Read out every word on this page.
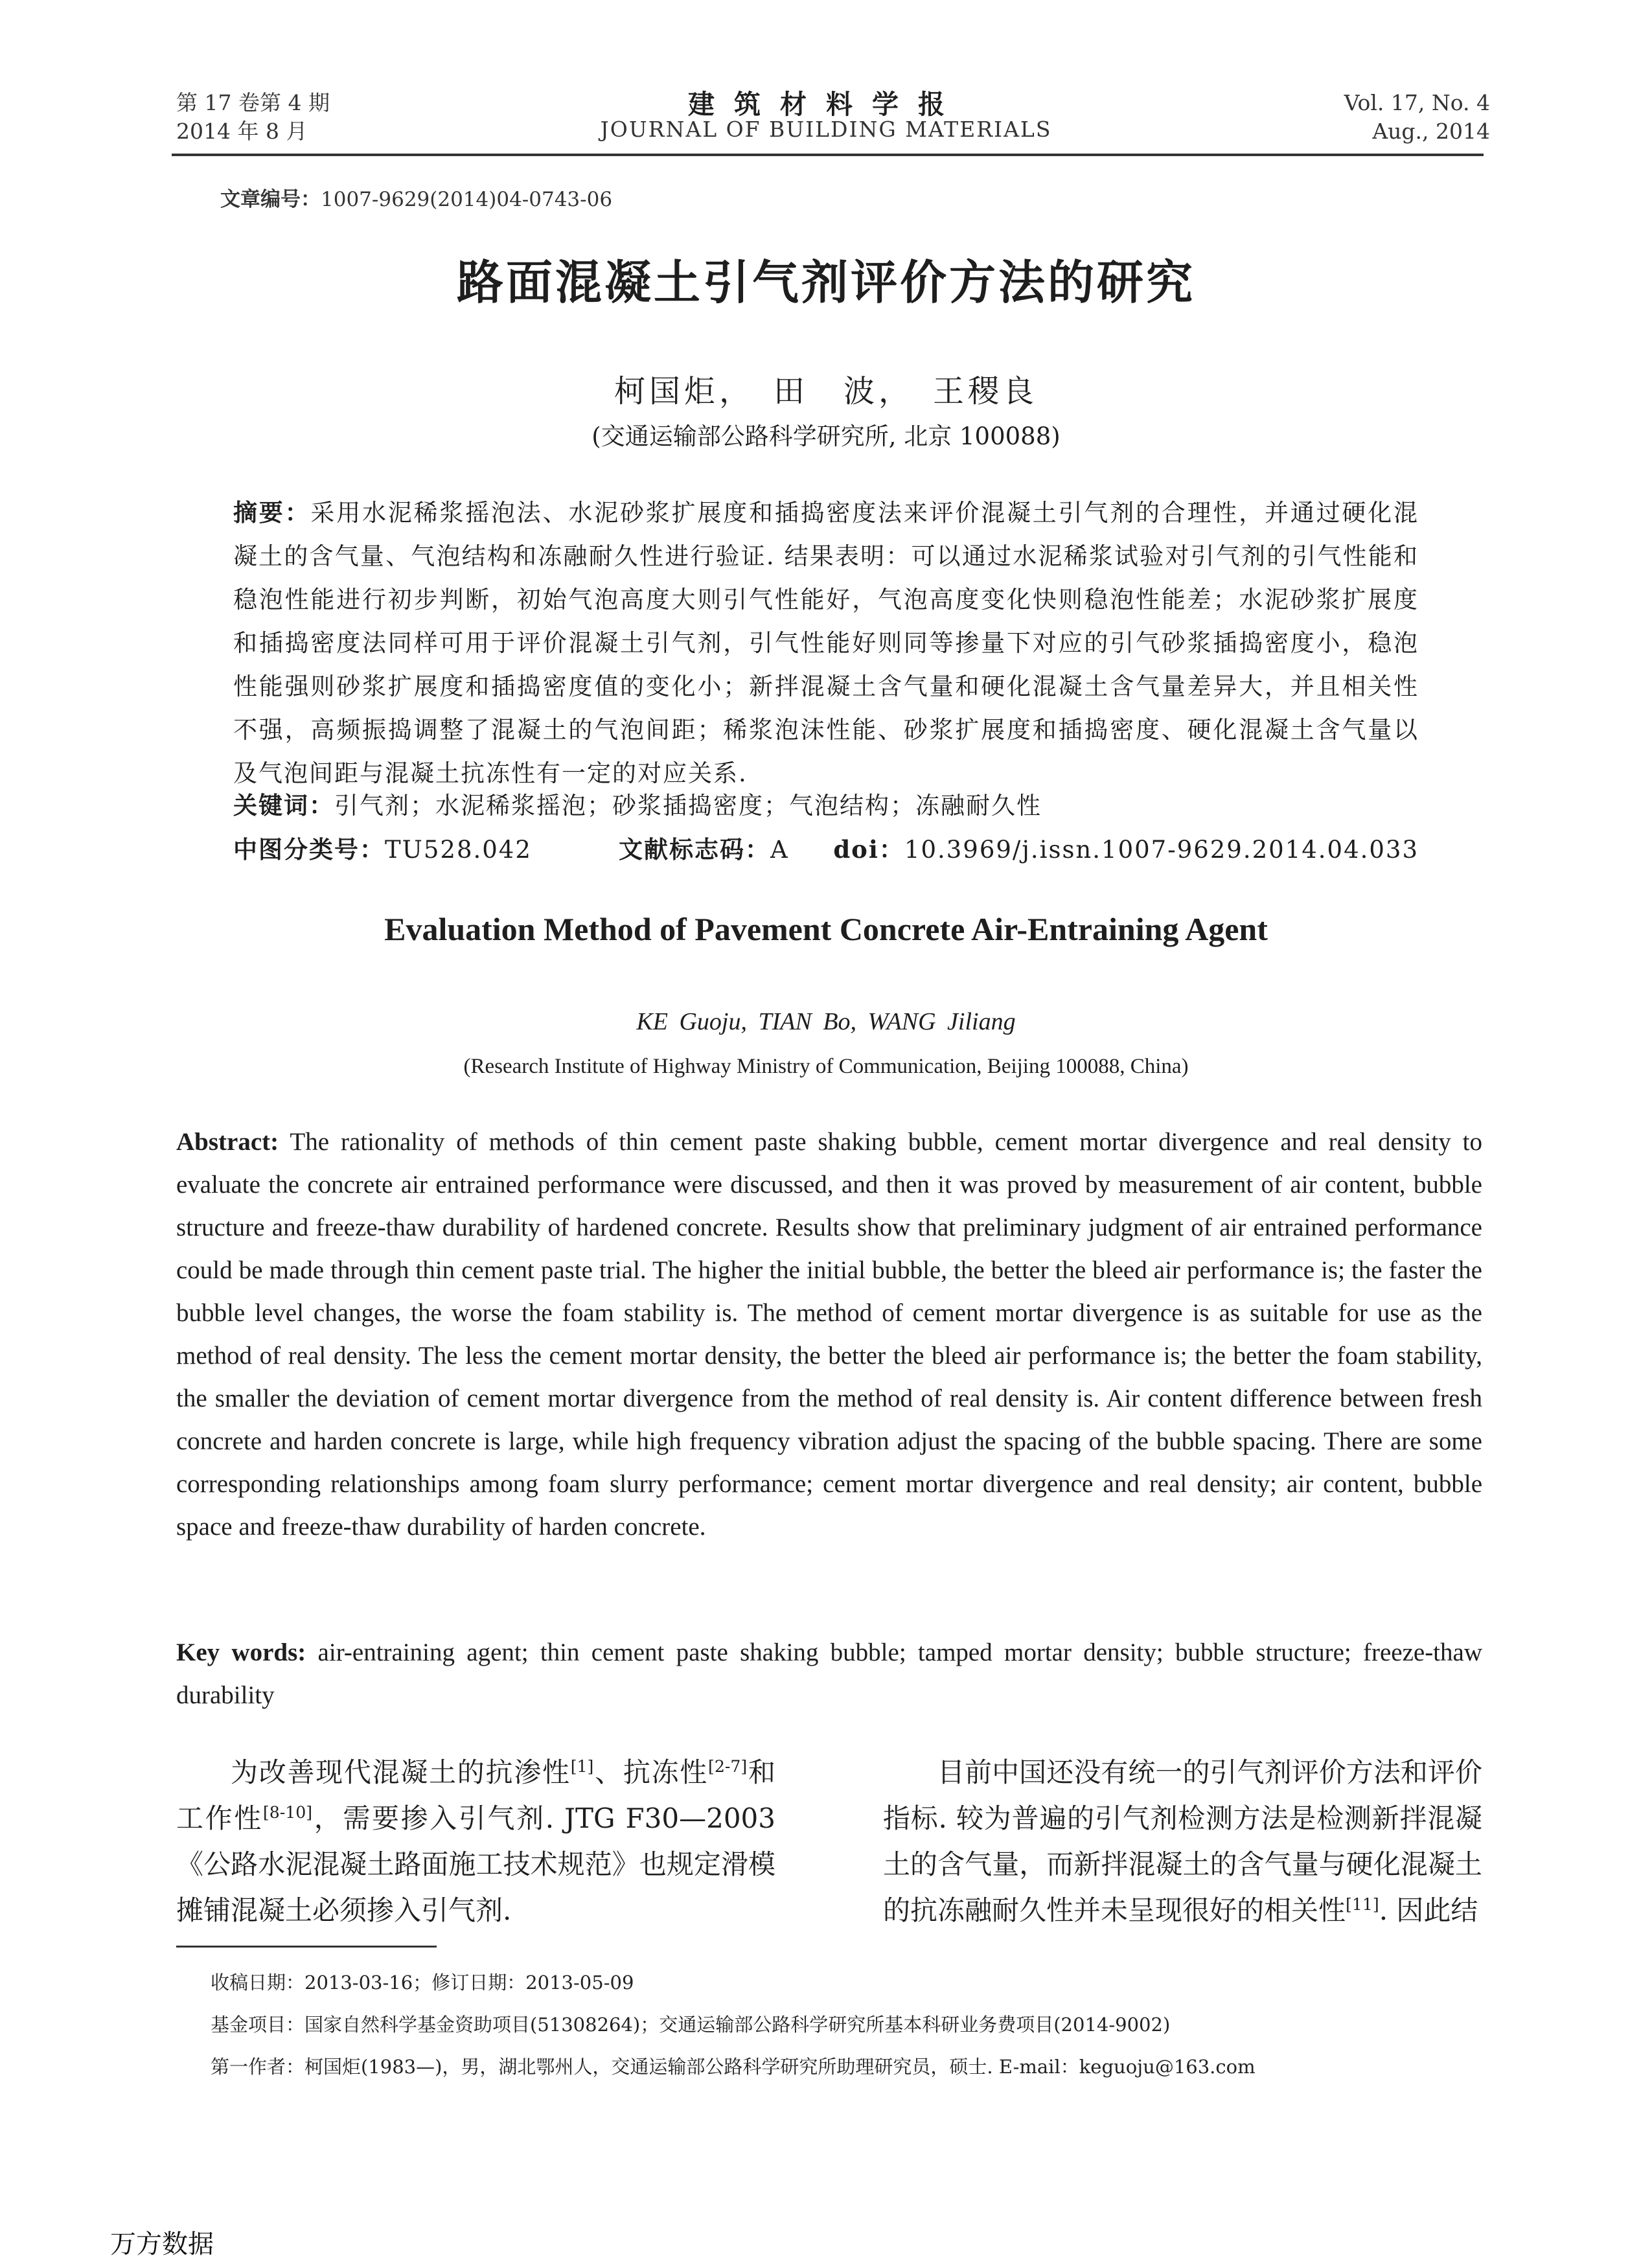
第 17 卷第 4 期
2014 年 8 月
建筑材料学报
JOURNAL OF BUILDING MATERIALS
Vol. 17, No. 4
Aug., 2014
文章编号：1007-9629(2014)04-0743-06
路面混凝土引气剂评价方法的研究
柯国炬，　田　波，　王稷良
(交通运输部公路科学研究所, 北京 100088)
摘要：采用水泥稀浆摇泡法、水泥砂浆扩展度和插捣密度法来评价混凝土引气剂的合理性，并通过硬化混凝土的含气量、气泡结构和冻融耐久性进行验证. 结果表明：可以通过水泥稀浆试验对引气剂的引气性能和稳泡性能进行初步判断，初始气泡高度大则引气性能好，气泡高度变化快则稳泡性能差；水泥砂浆扩展度和插捣密度法同样可用于评价混凝土引气剂，引气性能好则同等掺量下对应的引气砂浆插捣密度小，稳泡性能强则砂浆扩展度和插捣密度值的变化小；新拌混凝土含气量和硬化混凝土含气量差异大，并且相关性不强，高频振捣调整了混凝土的气泡间距；稀浆泡沫性能、砂浆扩展度和插捣密度、硬化混凝土含气量以及气泡间距与混凝土抗冻性有一定的对应关系.
关键词：引气剂；水泥稀浆摇泡；砂浆插捣密度；气泡结构；冻融耐久性
中图分类号：TU528.042	文献标志码：A doi：10.3969/j.issn.1007-9629.2014.04.033
Evaluation Method of Pavement Concrete Air-Entraining Agent
KE Guoju, TIAN Bo, WANG Jiliang
(Research Institute of Highway Ministry of Communication, Beijing 100088, China)
Abstract: The rationality of methods of thin cement paste shaking bubble, cement mortar divergence and real density to evaluate the concrete air entrained performance were discussed, and then it was proved by measurement of air content, bubble structure and freeze-thaw durability of hardened concrete. Results show that preliminary judgment of air entrained performance could be made through thin cement paste trial. The higher the initial bubble, the better the bleed air performance is; the faster the bubble level changes, the worse the foam stability is. The method of cement mortar divergence is as suitable for use as the method of real density. The less the cement mortar density, the better the bleed air performance is; the better the foam stability, the smaller the deviation of cement mortar divergence from the method of real density is. Air content difference between fresh concrete and harden concrete is large, while high frequency vibration adjust the spacing of the bubble spacing. There are some corresponding relationships among foam slurry performance; cement mortar divergence and real density; air content, bubble space and freeze-thaw durability of harden concrete.
Key words: air-entraining agent; thin cement paste shaking bubble; tamped mortar density; bubble structure; freeze-thaw durability
为改善现代混凝土的抗渗性[1]、抗冻性[2-7]和工作性[8-10]，需要掺入引气剂. JTG F30—2003《公路水泥混凝土路面施工技术规范》也规定滑模摊铺混凝土必须掺入引气剂.
目前中国还没有统一的引气剂评价方法和评价指标. 较为普遍的引气剂检测方法是检测新拌混凝土的含气量，而新拌混凝土的含气量与硬化混凝土的抗冻融耐久性并未呈现很好的相关性[11]. 因此结
收稿日期：2013-03-16；修订日期：2013-05-09
基金项目：国家自然科学基金资助项目(51308264)；交通运输部公路科学研究所基本科研业务费项目(2014-9002)
第一作者：柯国炬(1983—)，男，湖北鄂州人，交通运输部公路科学研究所助理研究员，硕士. E-mail：keguoju@163.com
万方数据
